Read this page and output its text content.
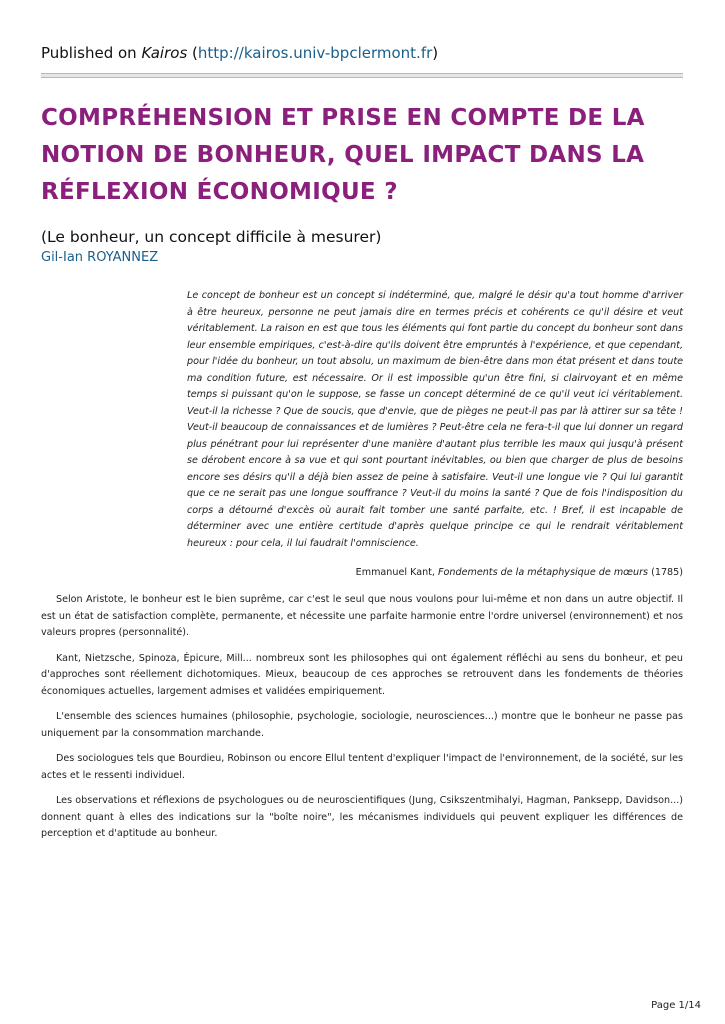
Published on Kairos (http://kairos.univ-bpclermont.fr)
COMPRÉHENSION ET PRISE EN COMPTE DE LA NOTION DE BONHEUR, QUEL IMPACT DANS LA RÉFLEXION ÉCONOMIQUE ?
(Le bonheur, un concept difficile à mesurer)
Gil-Ian ROYANNEZ

Le concept de bonheur est un concept si indéterminé, que, malgré le désir qu'a tout homme d'arriver à être heureux, personne ne peut jamais dire en termes précis et cohérents ce qu'il désire et veut véritablement. La raison en est que tous les éléments qui font partie du concept du bonheur sont dans leur ensemble empiriques, c'est-à-dire qu'ils doivent être empruntés à l'expérience, et que cependant, pour l'idée du bonheur, un tout absolu, un maximum de bien-être dans mon état présent et dans toute ma condition future, est nécessaire. Or il est impossible qu'un être fini, si clairvoyant et en même temps si puissant qu'on le suppose, se fasse un concept déterminé de ce qu'il veut ici véritablement. Veut-il la richesse ? Que de soucis, que d'envie, que de pièges ne peut-il pas par là attirer sur sa tête ! Veut-il beaucoup de connaissances et de lumières ? Peut-être cela ne fera-t-il que lui donner un regard plus pénétrant pour lui représenter d'une manière d'autant plus terrible les maux qui jusqu'à présent se dérobent encore à sa vue et qui sont pourtant inévitables, ou bien que charger de plus de besoins encore ses désirs qu'il a déjà bien assez de peine à satisfaire. Veut-il une longue vie ? Qui lui garantit que ce ne serait pas une longue souffrance ? Veut-il du moins la santé ? Que de fois l'indisposition du corps a détourné d'excès où aurait fait tomber une santé parfaite, etc. ! Bref, il est incapable de déterminer avec une entière certitude d'après quelque principe ce qui le rendrait véritablement heureux : pour cela, il lui faudrait l'omniscience.

Emmanuel Kant, Fondements de la métaphysique de mœurs (1785)

Selon Aristote, le bonheur est le bien suprême, car c'est le seul que nous voulons pour lui-même et non dans un autre objectif. Il est un état de satisfaction complète, permanente, et nécessite une parfaite harmonie entre l'ordre universel (environnement) et nos valeurs propres (personnalité).

Kant, Nietzsche, Spinoza, Épicure, Mill... nombreux sont les philosophes qui ont également réfléchi au sens du bonheur, et peu d'approches sont réellement dichotomiques. Mieux, beaucoup de ces approches se retrouvent dans les fondements de théories économiques actuelles, largement admises et validées empiriquement.

L'ensemble des sciences humaines (philosophie, psychologie, sociologie, neurosciences...) montre que le bonheur ne passe pas uniquement par la consommation marchande.

Des sociologues tels que Bourdieu, Robinson ou encore Ellul tentent d'expliquer l'impact de l'environnement, de la société, sur les actes et le ressenti individuel.

Les observations et réflexions de psychologues ou de neuroscientifiques (Jung, Csikszentmihalyi, Hagman, Panksepp, Davidson...) donnent quant à elles des indications sur la "boîte noire", les mécanismes individuels qui peuvent expliquer les différences de perception et d'aptitude au bonheur.

Page 1/14
